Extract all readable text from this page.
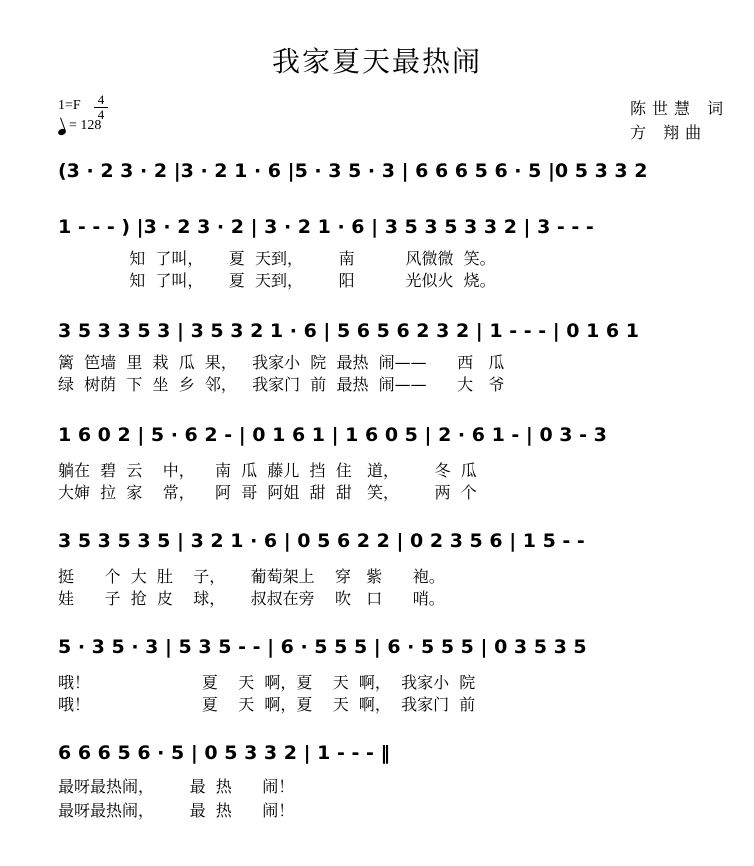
我家夏天最热闹
1=F 4
4
= 128
陈世慧 词
方 翔曲
(3 · 2 3 · 2 |3 · 2 1 · 6 |5 · 3 5 · 3 | 6 6 6 5 6 · 5 |0 5 3 3 2
1 - - - ) |3 · 2 3 · 2 | 3 · 2 1 · 6 | 3 5 3 5 3 3 2 | 3 - - -
知  了叫，     夏  天到，       南          风微微  笑。
知  了叫，     夏  天到，       阳          光似火  烧。
3 5 3 3 5 3 | 3 5 3 2 1 · 6 | 5 6 5 6 2 3 2 | 1 - - - | 0 1 6 1
篱  笆墙  里  栽  瓜  果，   我家小  院  最热  闹——      西   瓜
绿  树荫  下  坐  乡  邻，   我家门  前  最热  闹——      大   爷
1 6 0 2 | 5 · 6 2 - | 0 1 6 1 | 1 6 0 5 | 2 · 6 1 - | 0 3 - 3
躺在  碧  云    中，    南  瓜  藤儿  挡  住   道，       冬  瓜
大婶  拉  家    常，    阿  哥  阿姐  甜  甜   笑，       两  个
3 5 3 5 3 5 | 3 2 1 · 6 | 0 5 6 2 2 | 0 2 3 5 6 | 1 5 - -
挺      个  大  肚    子，     葡萄架上    穿   紫      袍。
娃      子  抢  皮    球，     叔叔在旁    吹   口      哨。
5 · 3 5 · 3 | 5 3 5 - - | 6 · 5 5 5 | 6 · 5 5 5 | 0 3 5 3 5
哦！                      夏    天  啊，夏    天  啊，  我家小  院
哦！                      夏    天  啊，夏    天  啊，  我家门  前
6 6 6 5 6 · 5 | 0 5 3 3 2 | 1 - - - ‖
最呀最热闹，       最  热      闹！
最呀最热闹，       最  热      闹！
